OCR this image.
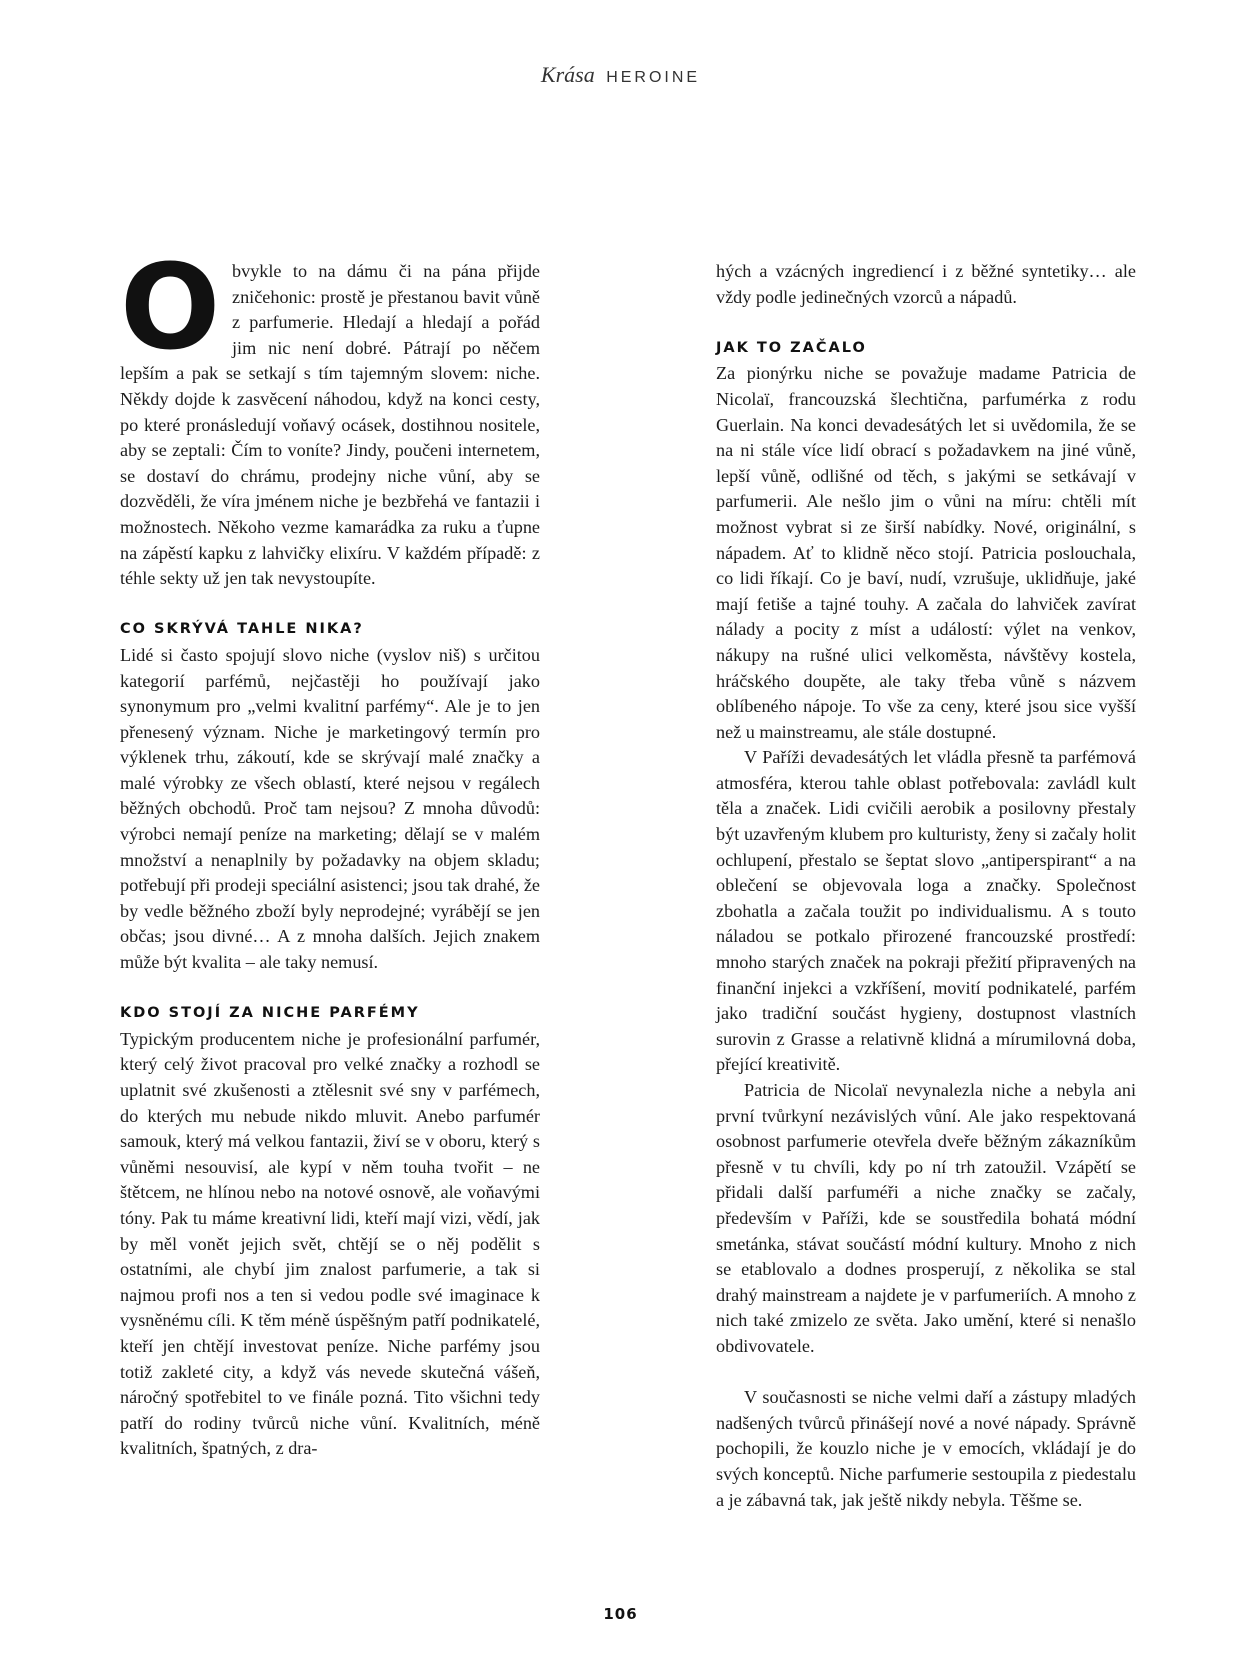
Krása HEROINE

Obvykle to na dámu či na pána přijde zničehonic: prostě je přestanou bavit vůně z parfumerie. Hledají a hledají a pořád jim nic není dobré. Pátrají po něčem lepším a pak se setkají s tím tajemným slovem: niche. Někdy dojde k zasvěcení náhodou, když na konci cesty, po které pronásledují voňavý ocásek, dostihnou nositele, aby se zeptali: Čím to voníte? Jindy, poučeni internetem, se dostaví do chrámu, prodejny niche vůní, aby se dozvěděli, že víra jménem niche je bezbřehá ve fantazii i možnostech. Někoho vezme kamarádka za ruku a ťupne na zápěstí kapku z lahvičky elixíru. V každém případě: z téhle sekty už jen tak nevystoupíte.

CO SKRÝVÁ TAHLE NIKA?

Lidé si často spojují slovo niche (vyslov niš) s určitou kategorií parfémů, nejčastěji ho používají jako synonymum pro „velmi kvalitní parfémy“. Ale je to jen přenesený význam. Niche je marketingový termín pro výklenek trhu, zákoutí, kde se skrývají malé značky a malé výrobky ze všech oblastí, které nejsou v regálech běžných obchodů. Proč tam nejsou? Z mnoha důvodů: výrobci nemají peníze na marketing; dělají se v malém množství a nenaplnily by požadavky na objem skladu; potřebují při prodeji speciální asistenci; jsou tak drahé, že by vedle běžného zboží byly neprodejné; vyrábějí se jen občas; jsou divné… A z mnoha dalších. Jejich znakem může být kvalita – ale taky nemusí.

KDO STOJÍ ZA NICHE PARFÉMY

Typickým producentem niche je profesionální parfumér, který celý život pracoval pro velké značky a rozhodl se uplatnit své zkušenosti a ztělesnit své sny v parfémech, do kterých mu nebude nikdo mluvit. Anebo parfumér samouk, který má velkou fantazii, živí se v oboru, který s vůněmi nesouvisí, ale kypí v něm touha tvořit – ne štětcem, ne hlínou nebo na notové osnově, ale voňavými tóny. Pak tu máme kreativní lidi, kteří mají vizi, vědí, jak by měl vonět jejich svět, chtějí se o něj podělit s ostatními, ale chybí jim znalost parfumerie, a tak si najmou profi nos a ten si vedou podle své imaginace k vysněnému cíli. K těm méně úspěšným patří podnikatelé, kteří jen chtějí investovat peníze. Niche parfémy jsou totiž zakleté city, a když vás nevede skutečná vášeň, náročný spotřebitel to ve finále pozná. Tito všichni tedy patří do rodiny tvůrců niche vůní. Kvalitních, méně kvalitních, špatných, z dra-

hých a vzácných ingrediencí i z běžné syntetiky… ale vždy podle jedinečných vzorců a nápadů.

JAK TO ZAČALO

Za pionýrku niche se považuje madame Patricia de Nicolaï, francouzská šlechtična, parfumérka z rodu Guerlain. Na konci devadesátých let si uvědomila, že se na ni stále více lidí obrací s požadavkem na jiné vůně, lepší vůně, odlišné od těch, s jakými se setkávají v parfumerii. Ale nešlo jim o vůni na míru: chtěli mít možnost vybrat si ze širší nabídky. Nové, originální, s nápadem. Ať to klidně něco stojí. Patricia poslouchala, co lidi říkají. Co je baví, nudí, vzrušuje, uklidňuje, jaké mají fetiše a tajné touhy. A začala do lahviček zavírat nálady a pocity z míst a událostí: výlet na venkov, nákupy na rušné ulici velkoměsta, návštěvy kostela, hráčského doupěte, ale taky třeba vůně s názvem oblíbeného nápoje. To vše za ceny, které jsou sice vyšší než u mainstreamu, ale stále dostupné.

V Paříži devadesátých let vládla přesně ta parfémová atmosféra, kterou tahle oblast potřebovala: zavládl kult těla a značek. Lidi cvičili aerobik a posilovny přestaly být uzavřeným klubem pro kulturisty, ženy si začaly holit ochlupení, přestalo se šeptat slovo „antiperspirant“ a na oblečení se objevovala loga a značky. Společnost zbohatla a začala toužit po individualismu. A s touto náladou se potkalo přirozené francouzské prostředí: mnoho starých značek na pokraji přežití připravených na finanční injekci a vzkříšení, movití podnikatelé, parfém jako tradiční součást hygieny, dostupnost vlastních surovin z Grasse a relativně klidná a mírumilovná doba, přející kreativitě.

Patricia de Nicolaï nevynalezla niche a nebyla ani první tvůrkyní nezávislých vůní. Ale jako respektovaná osobnost parfumerie otevřela dveře běžným zákazníkům přesně v tu chvíli, kdy po ní trh zatoužil. Vzápětí se přidali další parfuméři a niche značky se začaly, především v Paříži, kde se soustředila bohatá módní smetánka, stávat součástí módní kultury. Mnoho z nich se etablovalo a dodnes prosperují, z několika se stal drahý mainstream a najdete je v parfumeriích. A mnoho z nich také zmizelo ze světa. Jako umění, které si nenašlo obdivovatele.

V současnosti se niche velmi daří a zástupy mladých nadšených tvůrců přinášejí nové a nové nápady. Správně pochopili, že kouzlo niche je v emocích, vkládají je do svých konceptů. Niche parfumerie sestoupila z piedestalu a je zábavná tak, jak ještě nikdy nebyla. Těšme se.

106
